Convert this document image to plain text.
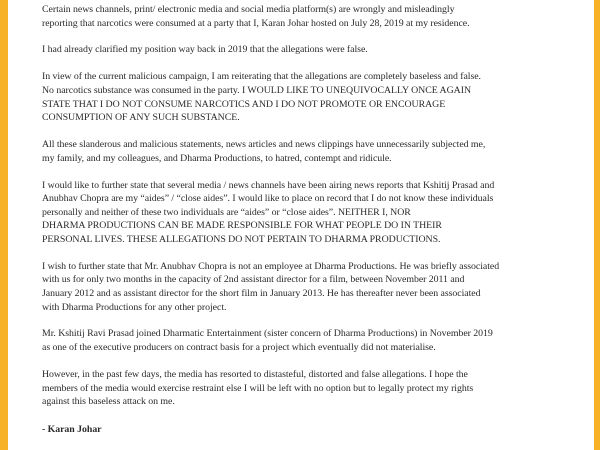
Certain news channels, print/ electronic media and social media platform(s) are wrongly and misleadingly
reporting that narcotics were consumed at a party that I, Karan Johar hosted on July 28, 2019 at my residence.

I had already clarified my position way back in 2019 that the allegations were false.

In view of the current malicious campaign, I am reiterating that the allegations are completely baseless and false.
No narcotics substance was consumed in the party. I WOULD LIKE TO UNEQUIVOCALLY ONCE AGAIN
STATE THAT I DO NOT CONSUME NARCOTICS AND I DO NOT PROMOTE OR ENCOURAGE
CONSUMPTION OF ANY SUCH SUBSTANCE.

All these slanderous and malicious statements, news articles and news clippings have unnecessarily subjected me,
my family, and my colleagues, and Dharma Productions, to hatred, contempt and ridicule.

I would like to further state that several media / news channels have been airing news reports that Kshitij Prasad and
Anubhav Chopra are my “aides” / “close aides”. I would like to place on record that I do not know these individuals
personally and neither of these two individuals are “aides” or “close aides”. NEITHER I, NOR
DHARMA PRODUCTIONS CAN BE MADE RESPONSIBLE FOR WHAT PEOPLE DO IN THEIR
PERSONAL LIVES. THESE ALLEGATIONS DO NOT PERTAIN TO DHARMA PRODUCTIONS.

I wish to further state that Mr. Anubhav Chopra is not an employee at Dharma Productions. He was briefly associated
with us for only two months in the capacity of 2nd assistant director for a film, between November 2011 and
January 2012 and as assistant director for the short film in January 2013. He has thereafter never been associated
with Dharma Productions for any other project.

Mr. Kshitij Ravi Prasad joined Dharmatic Entertainment (sister concern of Dharma Productions) in November 2019
as one of the executive producers on contract basis for a project which eventually did not materialise.

However, in the past few days, the media has resorted to distasteful, distorted and false allegations. I hope the
members of the media would exercise restraint else I will be left with no option but to legally protect my rights
against this baseless attack on me.

- Karan Johar
